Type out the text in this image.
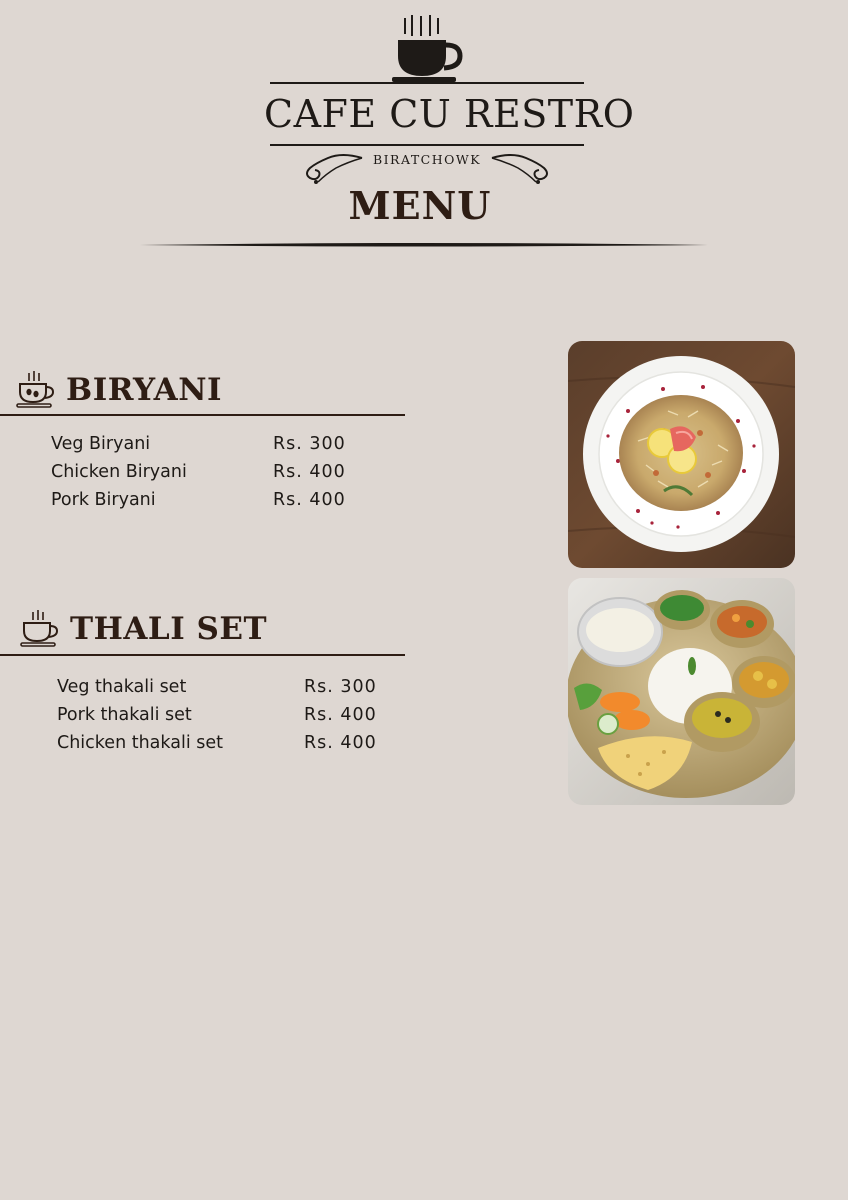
CAFE CU RESTRO
BIRATCHOWK
MENU
BIRYANI
Veg Biryani	Rs. 300
Chicken Biryani	Rs. 400
Pork Biryani	Rs. 400
THALI SET
Veg thakali set	Rs. 300
Pork thakali set	Rs. 400
Chicken thakali set	Rs. 400
